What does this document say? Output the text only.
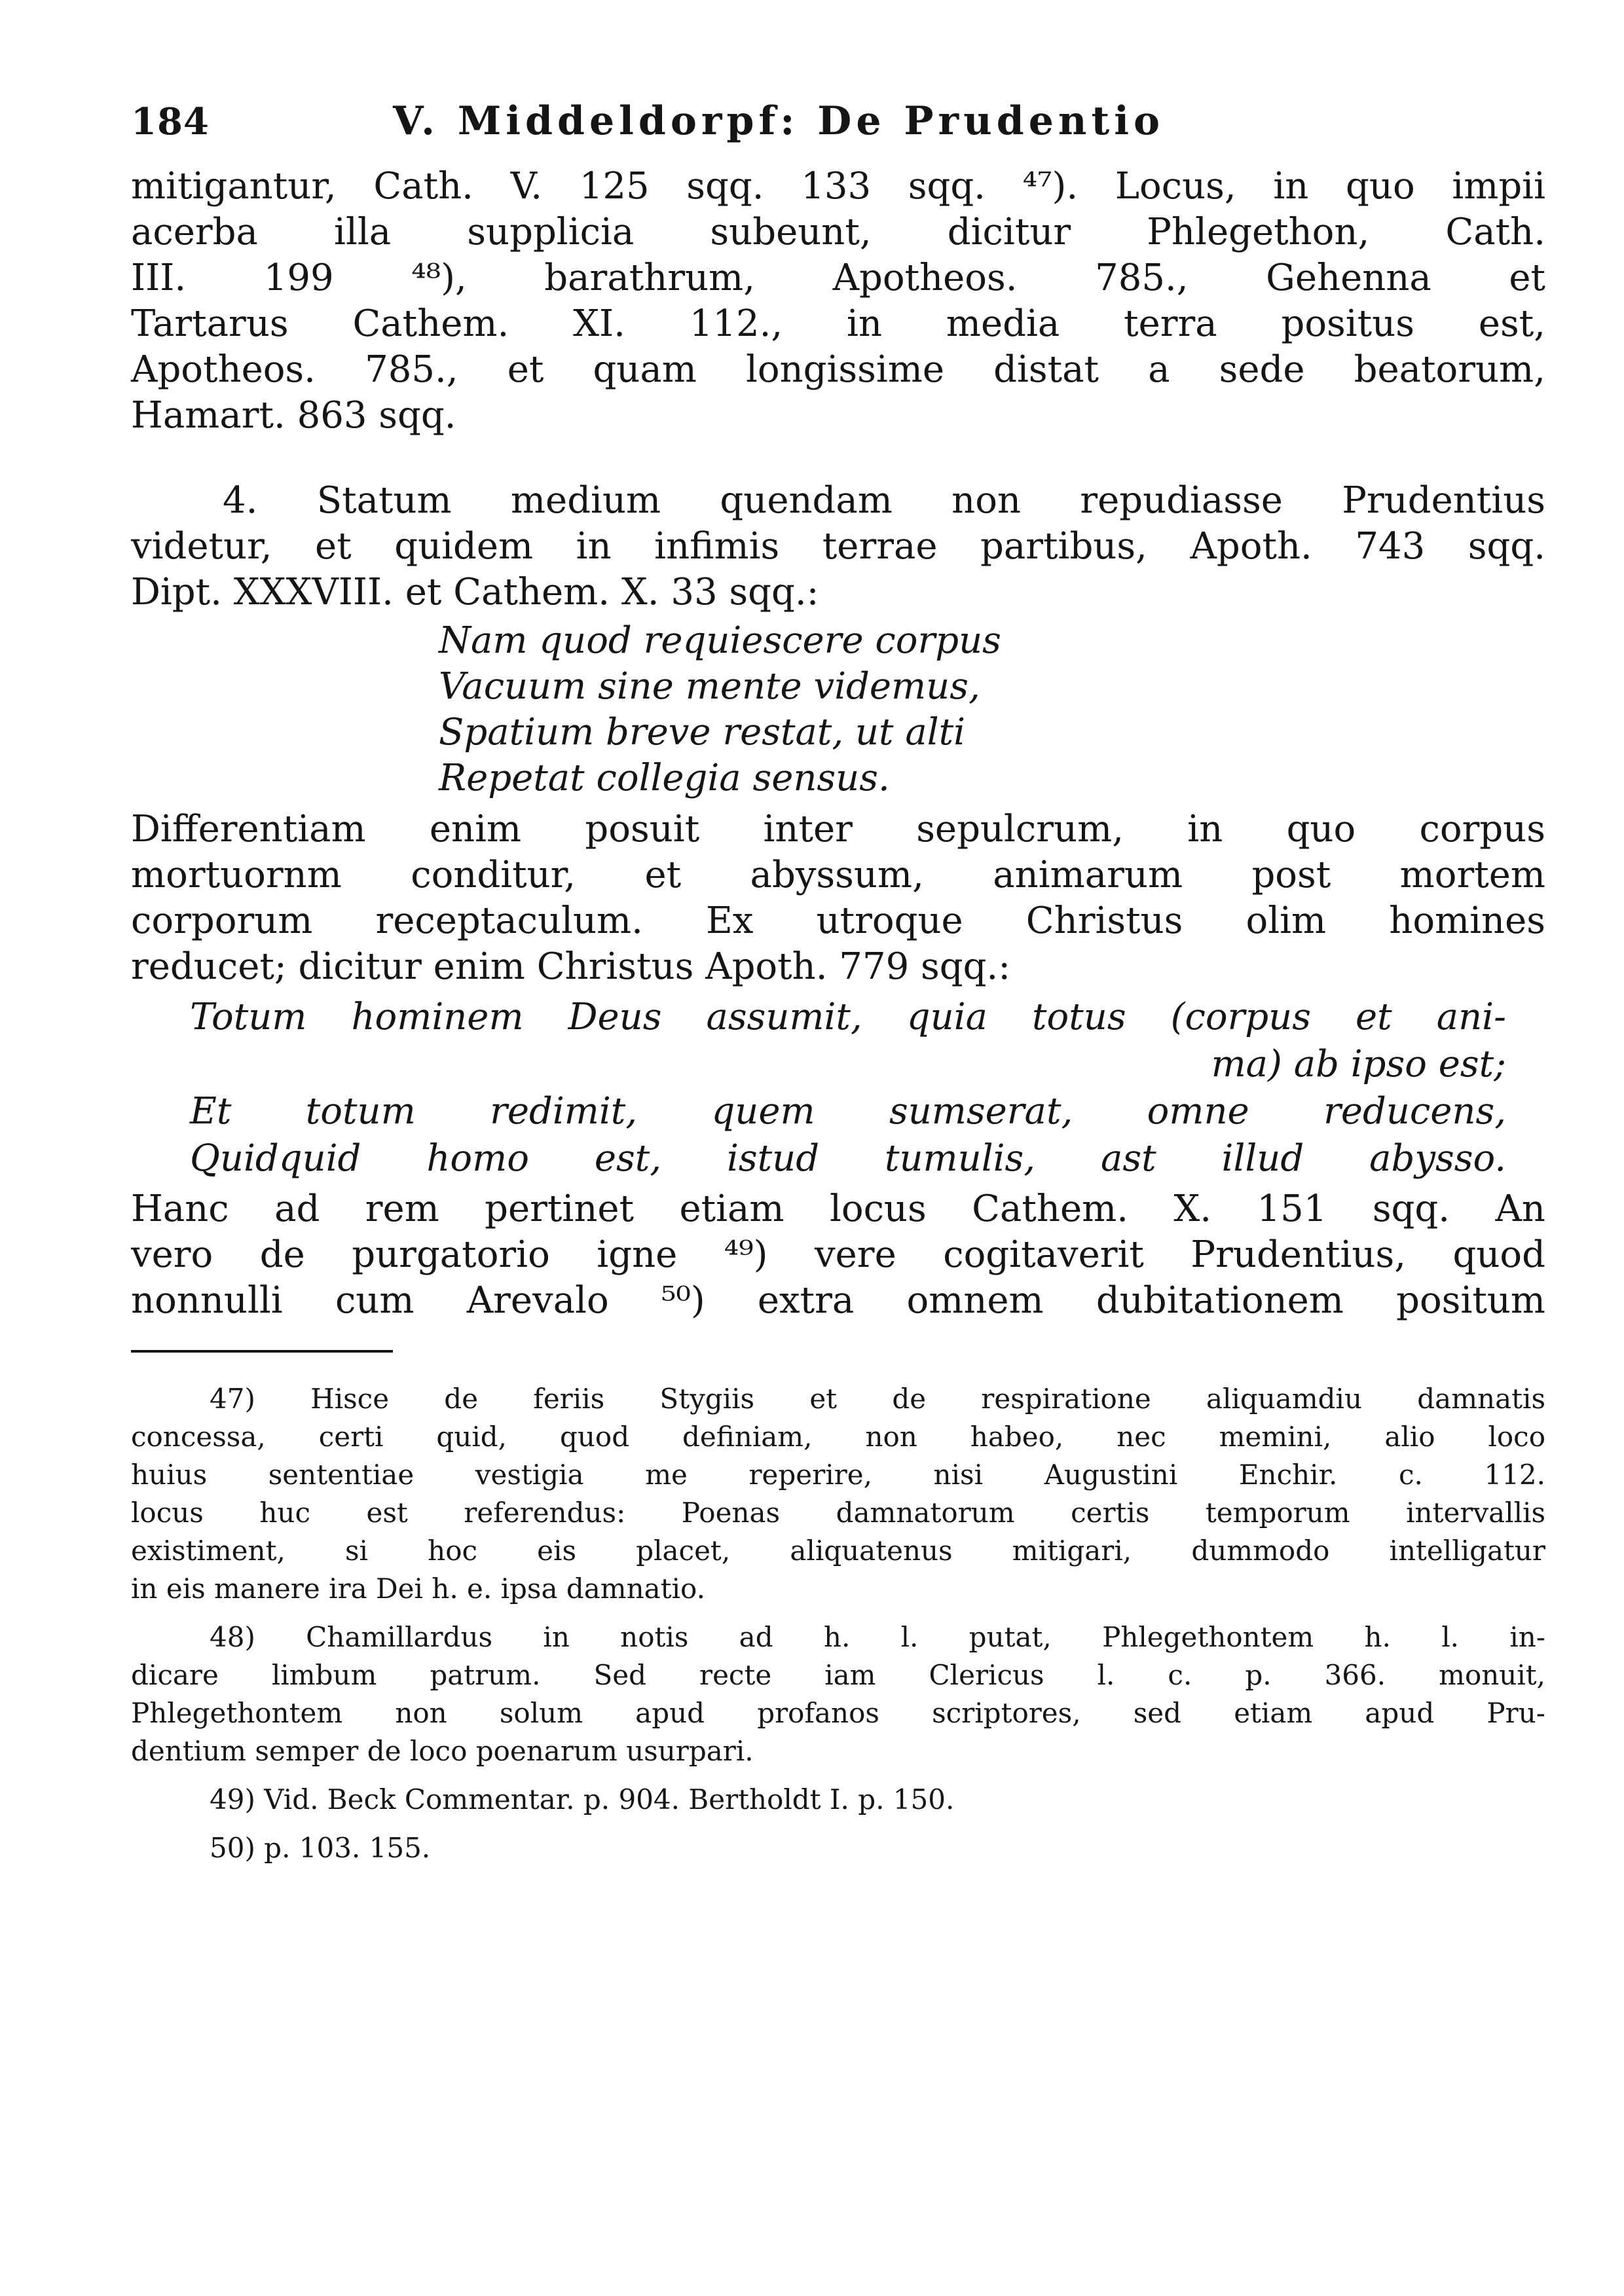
184	V. Middeldorpf: De Prudentio
mitigantur, Cath. V. 125 sqq. 133 sqq. ⁴⁷). Locus, in quo impii
acerba illa supplicia subeunt, dicitur Phlegethon, Cath.
III. 199 ⁴⁸), barathrum, Apotheos. 785., Gehenna et
Tartarus Cathem. XI. 112., in media terra positus est,
Apotheos. 785., et quam longissime distat a sede beatorum,
Hamart. 863 sqq.
4. Statum medium quendam non repudiasse Prudentius
videtur, et quidem in infimis terrae partibus, Apoth. 743 sqq.
Dipt. XXXVIII. et Cathem. X. 33 sqq.:
Nam quod requiescere corpus
Vacuum sine mente videmus,
Spatium breve restat, ut alti
Repetat collegia sensus.
Differentiam enim posuit inter sepulcrum, in quo corpus
mortuornm conditur, et abyssum, animarum post mortem
corporum receptaculum. Ex utroque Christus olim homines
reducet; dicitur enim Christus Apoth. 779 sqq.:
Totum hominem Deus assumit, quia totus (corpus et ani-
ma) ab ipso est;
Et totum redimit, quem sumserat, omne reducens,
Quidquid homo est, istud tumulis, ast illud abysso.
Hanc ad rem pertinet etiam locus Cathem. X. 151 sqq. An
vero de purgatorio igne ⁴⁹) vere cogitaverit Prudentius, quod
nonnulli cum Arevalo ⁵⁰) extra omnem dubitationem positum
47) Hisce de feriis Stygiis et de respiratione aliquamdiu damnatis
concessa, certi quid, quod definiam, non habeo, nec memini, alio loco
huius sententiae vestigia me reperire, nisi Augustini Enchir. c. 112.
locus huc est referendus: Poenas damnatorum certis temporum intervallis
existiment, si hoc eis placet, aliquatenus mitigari, dummodo intelligatur
in eis manere ira Dei h. e. ipsa damnatio.
48) Chamillardus in notis ad h. l. putat, Phlegethontem h. l. in-
dicare limbum patrum. Sed recte iam Clericus l. c. p. 366. monuit,
Phlegethontem non solum apud profanos scriptores, sed etiam apud Pru-
dentium semper de loco poenarum usurpari.
49) Vid. Beck Commentar. p. 904. Bertholdt I. p. 150.
50) p. 103. 155.
